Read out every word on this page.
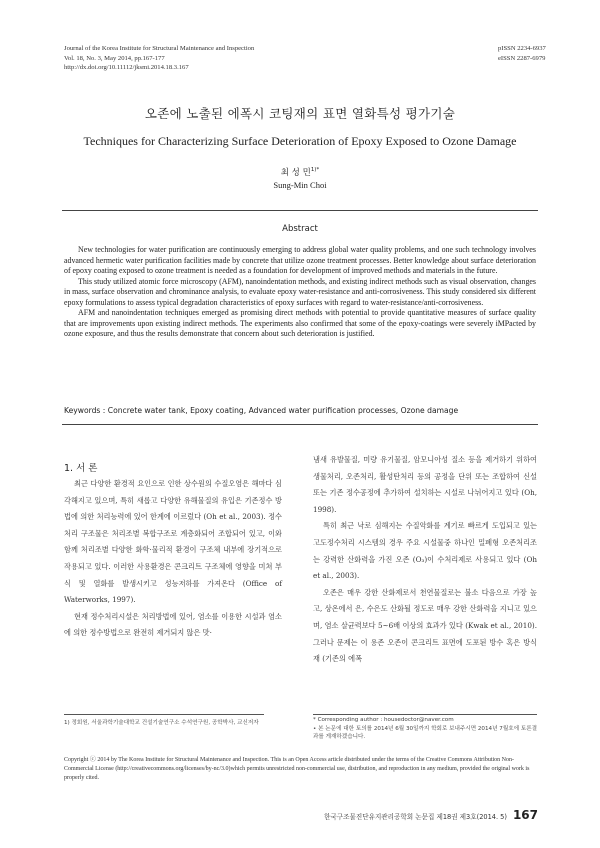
Journal of the Korea Institute for Structural Maintenance and Inspection
Vol. 18, No. 3, May 2014, pp.167-177
http://dx.doi.org/10.11112/jksmi.2014.18.3.167
pISSN 2234-6937
eISSN 2287-6979
오존에 노출된 에폭시 코팅재의 표면 열화특성 평가기술
Techniques for Characterizing Surface Deterioration of Epoxy Exposed to Ozone Damage
최 성 민$^{1)*}$
Sung-Min Choi
Abstract

New technologies for water purification are continuously emerging to address global water quality problems, and one such technology involves advanced hermetic water purification facilities made by concrete that utilize ozone treatment processes. Better knowledge about surface deterioration of epoxy coating exposed to ozone treatment is needed as a foundation for development of improved methods and materials in the future.

This study utilized atomic force microscopy (AFM), nanoindentation methods, and existing indirect methods such as visual observation, changes in mass, surface observation and chrominance analysis, to evaluate epoxy water-resistance and anti-corrosiveness. This study considered six different epoxy formulations to assess typical degradation characteristics of epoxy surfaces with regard to water-resistance/anti-corrosiveness.

AFM and nanoindentation techniques emerged as promising direct methods with potential to provide quantitative measures of surface quality that are improvements upon existing indirect methods. The experiments also confirmed that some of the epoxy-coatings were severely iMPacted by ozone exposure, and thus the results demonstrate that concern about such deterioration is justified.

Keywords : Concrete water tank, Epoxy coating, Advanced water purification processes, Ozone damage
1. 서 론

최근 다양한 환경적 요인으로 인한 상수원의 수질오염은 해마다 심각해지고 있으며, 특히 새롭고 다양한 유해물질의 유입은 기존정수 방법에 의한 처리능력에 있어 한계에 이르렀다 (Oh et al., 2003). 정수처리 구조물은 처리조별 복합구조로 계층화되어 조합되어 있고, 이와 함께 처리조별 다양한 화학·물리적 환경이 구조체 내부에 장기적으로 작용되고 있다. 이러한 사용환경은 콘크리트 구조체에 영향을 미쳐 부식 및 열화를 발생시키고 성능저하를 가져온다 (Office of Waterworks, 1997).

현재 정수처리시설은 처리방법에 있어, 염소를 이용한 시설과 염소에 의한 정수방법으로 완전히 제거되지 않은 맛·

냄새 유발물질, 미량 유기물질, 암모니아성 질소 등을 제거하기 위하여 생물처리, 오존처리, 활성탄처리 등의 공정을 단위 또는 조합하여 신설 또는 기존 정수공정에 추가하여 설치하는 시설로 나뉘어지고 있다 (Oh, 1998).

특히 최근 낙로 심해지는 수질악화를 계기로 빠르게 도입되고 있는 고도정수처리 시스템의 경우 주요 시설물중 하나인 밀폐형 오존처리조는 강력한 산화력을 가진 오존 (O₃)이 수처리제로 사용되고 있다 (Oh et al., 2003).

오존은 매우 강한 산화제로서 천연물질로는 불소 다음으로 가장 높고, 상온에서 은, 수은도 산화될 정도로 매우 강한 산화력을 지니고 있으며, 염소 살균력보다 5~6배 이상의 효과가 있다 (Kwak et al., 2010). 그러나 문제는 이 용존 오존이 콘크리트 표면에 도포된 방수 혹은 방식재 (기존의 에폭

1) 정회원, 서울과학기술대학교 건설기술연구소 수석연구원, 공학박사, 교신저자	* Corresponding author : housedoctor@naver.com
• 본 논문에 대한 토의를 2014년 6월 30일까지 학회로 보내주시면 2014년 7월호에 토론결과를 게재하겠습니다.
Copyright ⓒ 2014 by The Korea Institute for Structural Maintenance and Inspection. This is an Open Access article distributed under the terms of the Creative Commons Attribution Non-Commercial License (http://creativecommons.org/licenses/by-nc/3.0)which permits unrestricted non-commercial use, distribution, and reproduction in any medium, provided the original work is properly cited.
한국구조물진단유지관리공학회 논문집 제18권 제3호(2014. 5) 167
